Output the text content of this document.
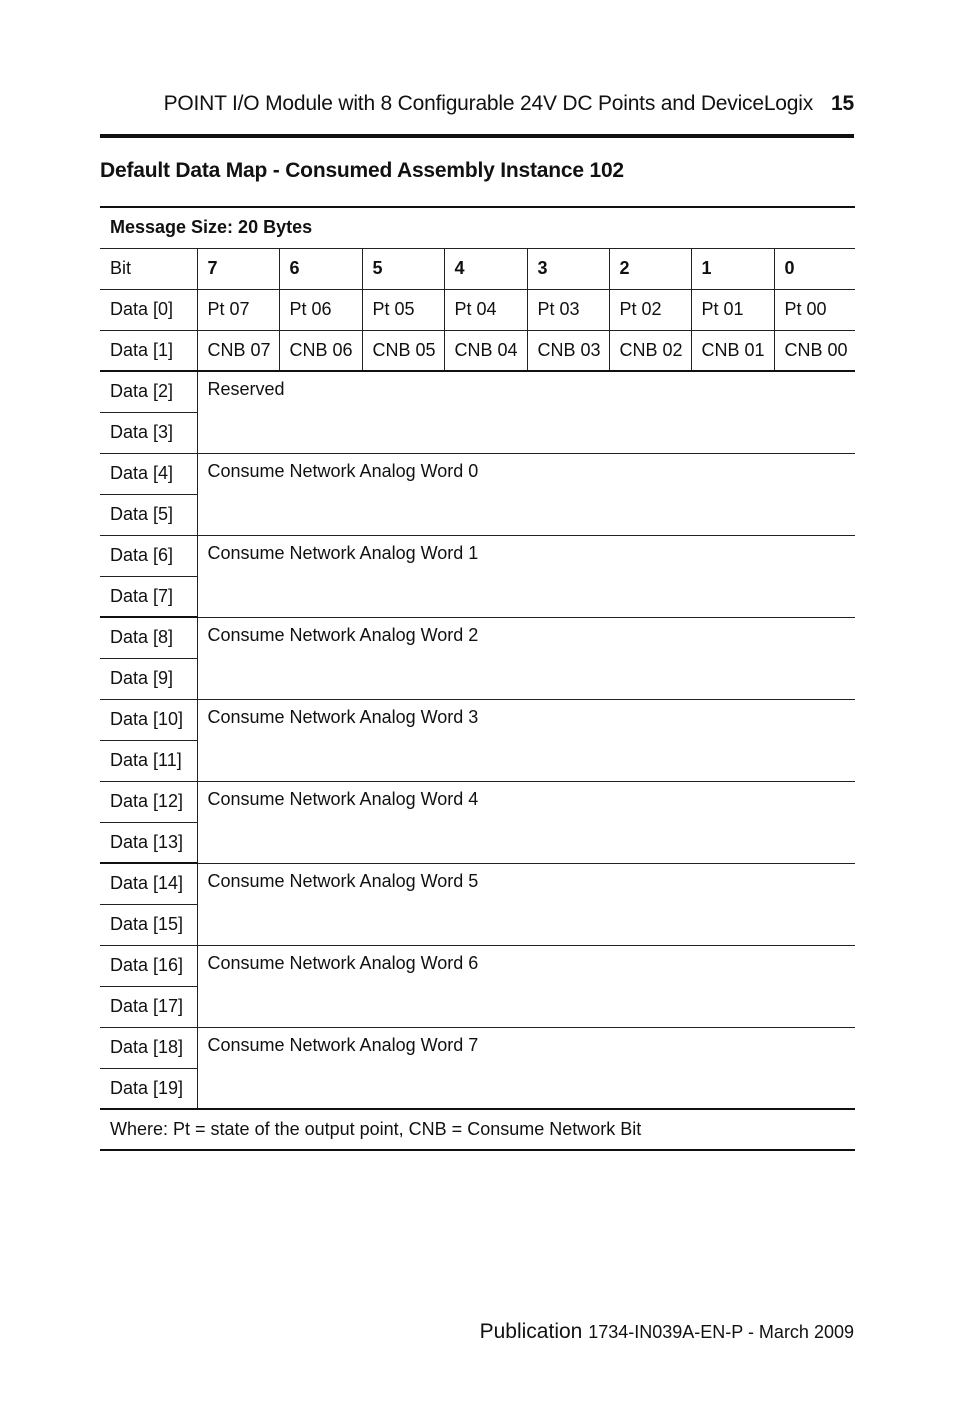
POINT I/O Module with 8 Configurable 24V DC Points and DeviceLogix 15
Default Data Map - Consumed Assembly Instance 102
Message Size: 20 Bytes								
Bit	7	6	5	4	3	2	1	0
Data [0]	Pt 07	Pt 06	Pt 05	Pt 04	Pt 03	Pt 02	Pt 01	Pt 00
Data [1]	CNB 07	CNB 06	CNB 05	CNB 04	CNB 03	CNB 02	CNB 01	CNB 00
Data [2]	Reserved							
Data [3]								
Data [4]	Consume Network Analog Word 0							
Data [5]								
Data [6]	Consume Network Analog Word 1							
Data [7]								
Data [8]	Consume Network Analog Word 2							
Data [9]								
Data [10]	Consume Network Analog Word 3							
Data [11]								
Data [12]	Consume Network Analog Word 4							
Data [13]								
Data [14]	Consume Network Analog Word 5							
Data [15]								
Data [16]	Consume Network Analog Word 6							
Data [17]								
Data [18]	Consume Network Analog Word 7							
Data [19]								
Where: Pt = state of the output point, CNB = Consume Network Bit								
Publication 1734-IN039A-EN-P - March 2009
